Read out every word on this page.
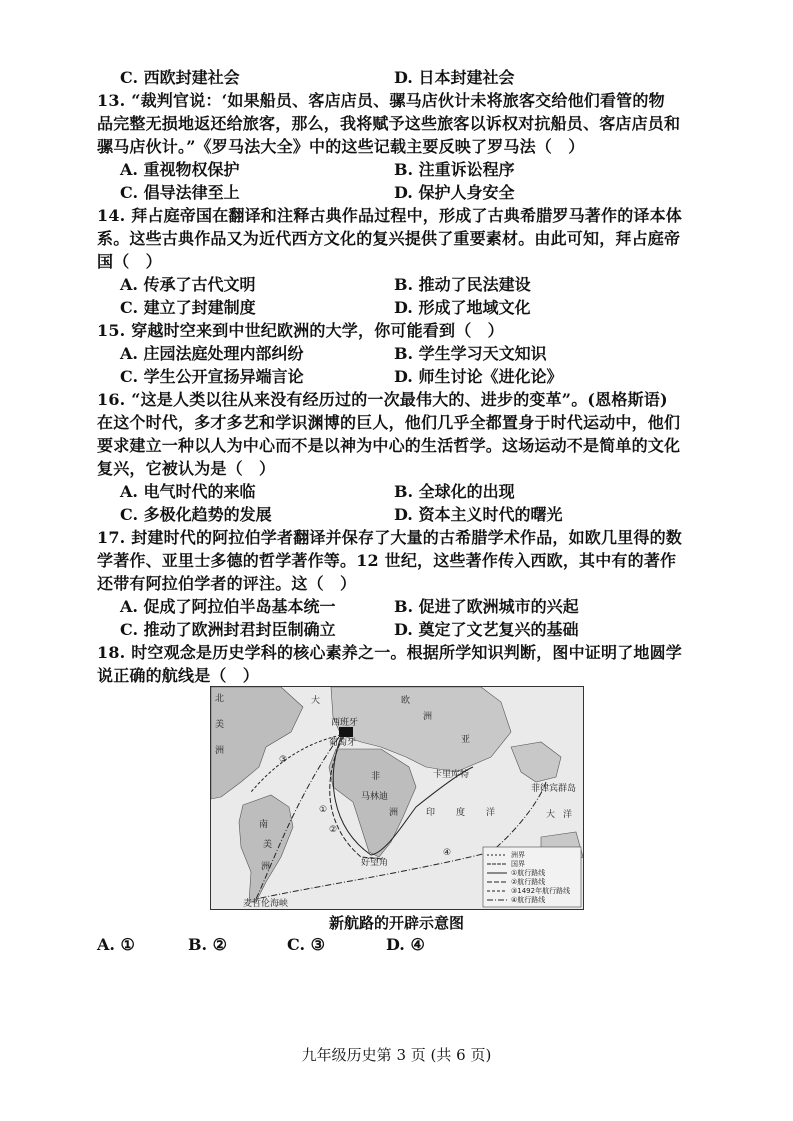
C. 西欧封建社会	D. 日本封建社会
13. “裁判官说：‘如果船员、客店店员、骡马店伙计未将旅客交给他们看管的物
品完整无损地返还给旅客，那么，我将赋予这些旅客以诉权对抗船员、客店店员和
骡马店伙计。”《罗马法大全》中的这些记载主要反映了罗马法（　）
A. 重视物权保护	B. 注重诉讼程序
C. 倡导法律至上	D. 保护人身安全
14. 拜占庭帝国在翻译和注释古典作品过程中，形成了古典希腊罗马著作的译本体
系。这些古典作品又为近代西方文化的复兴提供了重要素材。由此可知，拜占庭帝
国（　）
A. 传承了古代文明	B. 推动了民法建设
C. 建立了封建制度	D. 形成了地域文化
15. 穿越时空来到中世纪欧洲的大学，你可能看到（　）
A. 庄园法庭处理内部纠纷	B. 学生学习天文知识
C. 学生公开宣扬异端言论	D. 师生讨论《进化论》
16. “这是人类以往从来没有经历过的一次最伟大的、进步的变革”。(恩格斯语)
在这个时代，多才多艺和学识渊博的巨人，他们几乎全都置身于时代运动中，他们
要求建立一种以人为中心而不是以神为中心的生活哲学。这场运动不是简单的文化
复兴，它被认为是（　）
A. 电气时代的来临	B. 全球化的出现
C. 多极化趋势的发展	D. 资本主义时代的曙光
17. 封建时代的阿拉伯学者翻译并保存了大量的古希腊学术作品，如欧几里得的数
学著作、亚里士多德的哲学著作等。12 世纪，这些著作传入西欧，其中有的著作
还带有阿拉伯学者的评注。这（　）
A. 促成了阿拉伯半岛基本统一	B. 促进了欧洲城市的兴起
C. 推动了欧洲封君封臣制确立	D. 奠定了文艺复兴的基础
18. 时空观念是历史学科的核心素养之一。根据所学知识判断，图中证明了地圆学
说正确的航线是（　）
③
①
②
④
大	欧
洲
西班牙
葡萄牙	亚
非
洲	印 度 洋	大 洋
南
美
洲
北
美
洲
马林迪
卡里库特
好望角
菲律宾群岛
麦哲伦海峡
洲界
国界
①航行路线
②航行路线
③1492年航行路线
④航行路线
新航路的开辟示意图
A. ①	B. ②	C. ③	D. ④
九年级历史第 3 页 (共 6 页)
